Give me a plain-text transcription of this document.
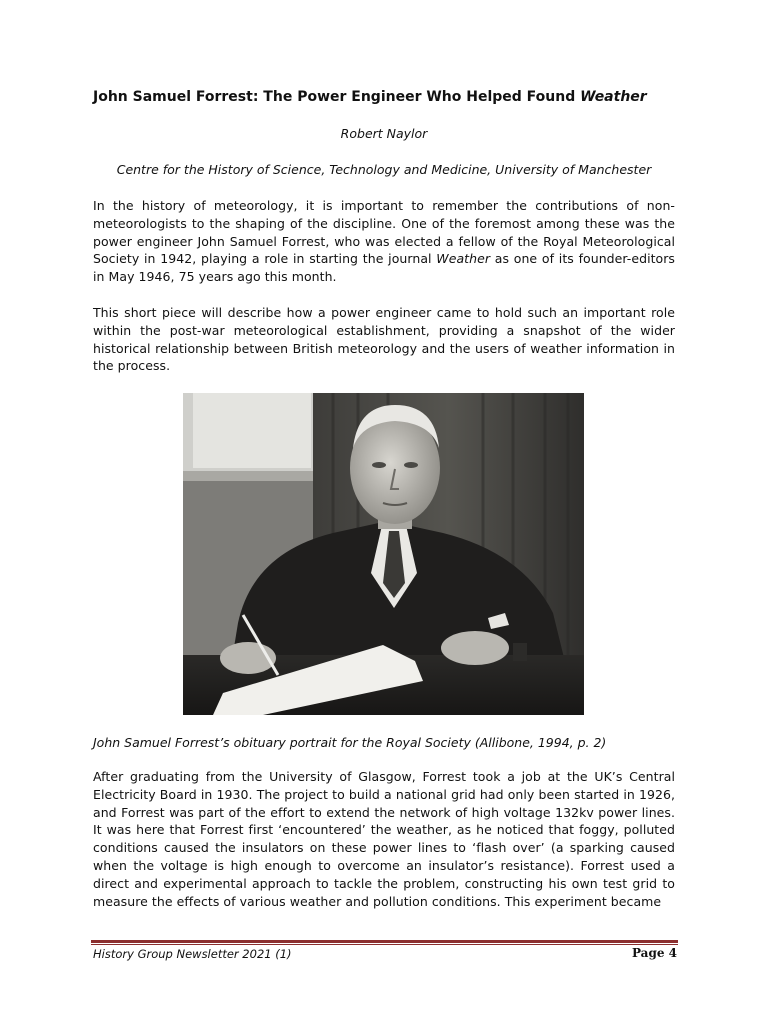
John Samuel Forrest: The Power Engineer Who Helped Found Weather
Robert Naylor
Centre for the History of Science, Technology and Medicine, University of Manchester
In the history of meteorology, it is important to remember the contributions of non-meteorologists to the shaping of the discipline. One of the foremost among these was the power engineer John Samuel Forrest, who was elected a fellow of the Royal Meteorological Society in 1942, playing a role in starting the journal Weather as one of its founder-editors in May 1946, 75 years ago this month.
This short piece will describe how a power engineer came to hold such an important role within the post-war meteorological establishment, providing a snapshot of the wider historical relationship between British meteorology and the users of weather information in the process.
John Samuel Forrest’s obituary portrait for the Royal Society (Allibone, 1994, p. 2)
After graduating from the University of Glasgow, Forrest took a job at the UK’s Central Electricity Board in 1930. The project to build a national grid had only been started in 1926, and Forrest was part of the effort to extend the network of high voltage 132kv power lines. It was here that Forrest first ‘encountered’ the weather, as he noticed that foggy, polluted conditions caused the insulators on these power lines to ‘flash over’ (a sparking caused when the voltage is high enough to overcome an insulator’s resistance). Forrest used a direct and experimental approach to tackle the problem, constructing his own test grid to measure the effects of various weather and pollution conditions. This experiment became
History Group Newsletter 2021 (1)	Page 4
